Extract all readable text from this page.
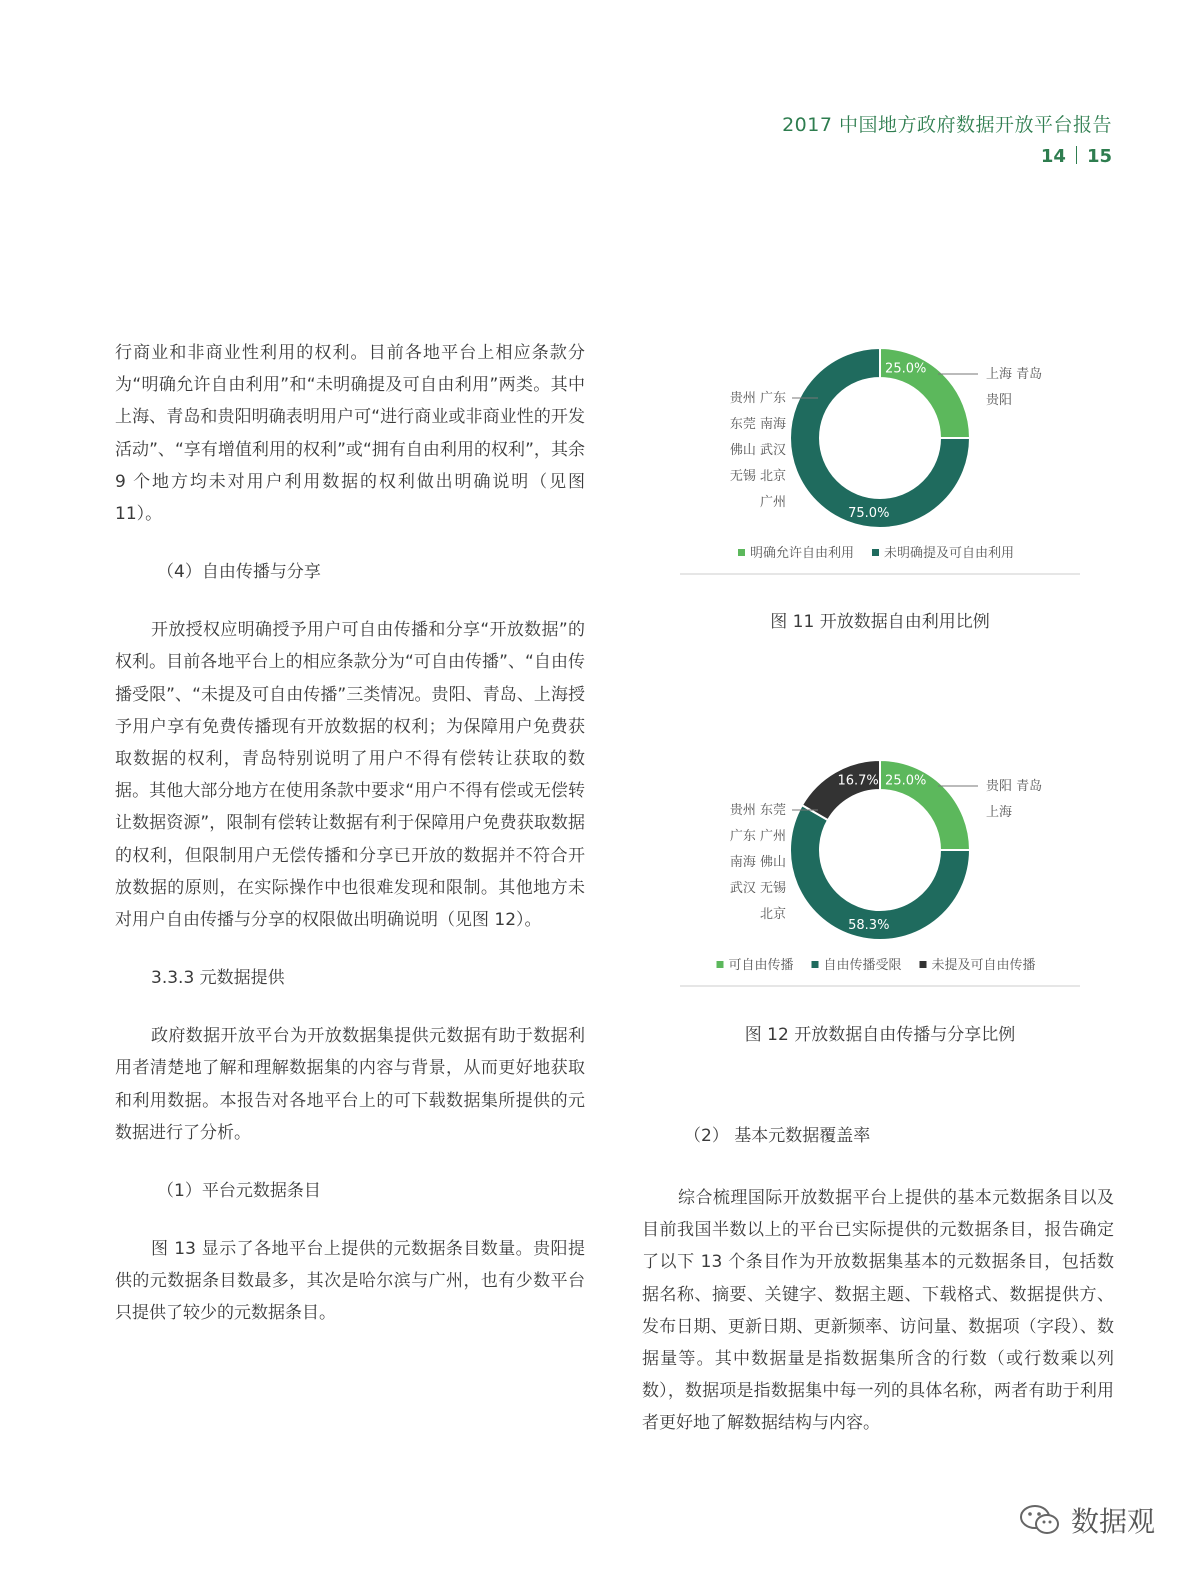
2017 中国地方政府数据开放平台报告
14 15

行商业和非商业性利用的权利。目前各地平台上相应条款分为“明确允许自由利用”和“未明确提及可自由利用”两类。其中上海、青岛和贵阳明确表明用户可“进行商业或非商业性的开发活动”、“享有增值利用的权利”或“拥有自由利用的权利”，其余 9 个地方均未对用户利用数据的权利做出明确说明（见图 11）。

（4）自由传播与分享

开放授权应明确授予用户可自由传播和分享“开放数据”的权利。目前各地平台上的相应条款分为“可自由传播”、“自由传播受限”、“未提及可自由传播”三类情况。贵阳、青岛、上海授予用户享有免费传播现有开放数据的权利；为保障用户免费获取数据的权利，青岛特别说明了用户不得有偿转让获取的数据。其他大部分地方在使用条款中要求“用户不得有偿或无偿转让数据资源”，限制有偿转让数据有利于保障用户免费获取数据的权利，但限制用户无偿传播和分享已开放的数据并不符合开放数据的原则，在实际操作中也很难发现和限制。其他地方未对用户自由传播与分享的权限做出明确说明（见图 12）。

3.3.3 元数据提供

政府数据开放平台为开放数据集提供元数据有助于数据利用者清楚地了解和理解数据集的内容与背景，从而更好地获取和利用数据。本报告对各地平台上的可下载数据集所提供的元数据进行了分析。

（1）平台元数据条目

图 13 显示了各地平台上提供的元数据条目数量。贵阳提供的元数据条目数最多，其次是哈尔滨与广州，也有少数平台只提供了较少的元数据条目。

25.0%
75.0%
上海 青岛
贵阳
贵州 广东
东莞 南海
佛山 武汉
无锡 北京
广州
明确允许自由利用 未明确提及可自由利用
图 11 开放数据自由利用比例
25.0%
58.3%
16.7%	贵阳 青岛
上海
贵州 东莞
广东 广州
南海 佛山
武汉 无锡
北京
可自由传播 自由传播受限 未提及可自由传播
图 12 开放数据自由传播与分享比例

（2） 基本元数据覆盖率

综合梳理国际开放数据平台上提供的基本元数据条目以及目前我国半数以上的平台已实际提供的元数据条目，报告确定了以下 13 个条目作为开放数据集基本的元数据条目，包括数据名称、摘要、关键字、数据主题、下载格式、数据提供方、发布日期、更新日期、更新频率、访问量、数据项（字段）、数据量等。其中数据量是指数据集所含的行数（或行数乘以列数），数据项是指数据集中每一列的具体名称，两者有助于利用者更好地了解数据结构与内容。

数据观
